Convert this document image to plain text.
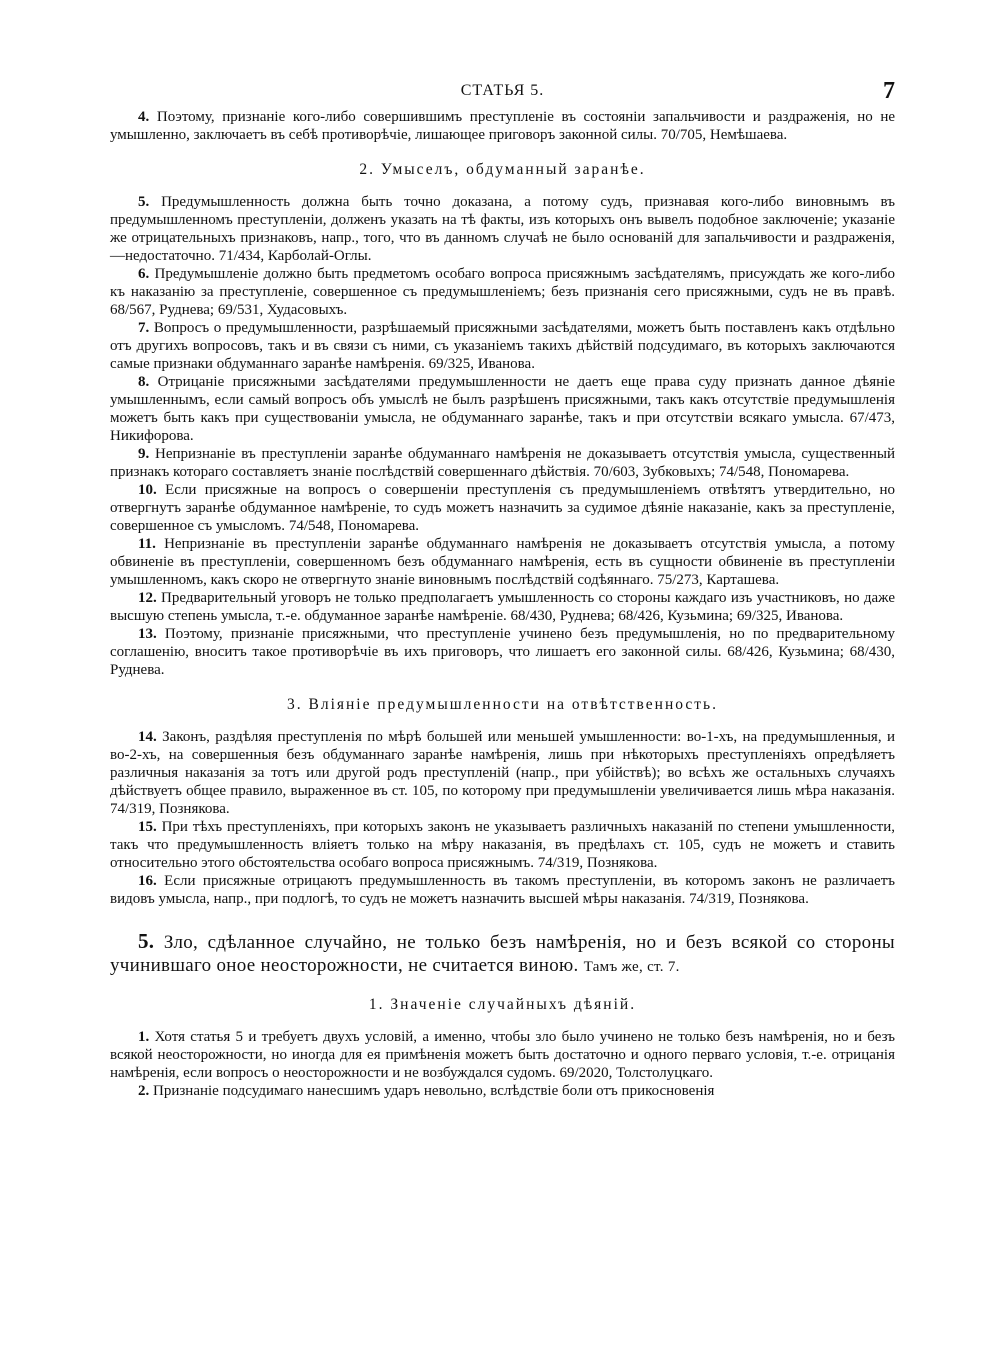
СТАТЬЯ 5.	7

4. Поэтому, признаніе кого-либо совершившимъ преступленіе въ состояніи запальчивости и раздраженія, но не умышленно, заключаетъ въ себѣ противорѣчіе, лишающее приговоръ законной силы. 70/705, Немѣшаева.

2. Умыселъ, обдуманный заранѣе.

5. Предумышленность должна быть точно доказана, а потому судъ, признавая кого-либо виновнымъ въ предумышленномъ преступленіи, долженъ указать на тѣ факты, изъ которыхъ онъ вывелъ подобное заключеніе; указаніе же отрицательныхъ признаковъ, напр., того, что въ данномъ случаѣ не было основаній для запальчивости и раздраженія,—недостаточно. 71/434, Карболай-Оглы.

6. Предумышленіе должно быть предметомъ особаго вопроса присяжнымъ засѣдателямъ, присуждать же кого-либо къ наказанію за преступленіе, совершенное съ предумышленіемъ; безъ признанія сего присяжными, судъ не въ правѣ. 68/567, Руднева; 69/531, Худасовыхъ.

7. Вопросъ о предумышленности, разрѣшаемый присяжными засѣдателями, можетъ быть поставленъ какъ отдѣльно отъ другихъ вопросовъ, такъ и въ связи съ ними, съ указаніемъ такихъ дѣйствій подсудимаго, въ которыхъ заключаются самые признаки обдуманнаго заранѣе намѣренія. 69/325, Иванова.

8. Отрицаніе присяжными засѣдателями предумышленности не даетъ еще права суду признать данное дѣяніе умышленнымъ, если самый вопросъ объ умыслѣ не былъ разрѣшенъ присяжными, такъ какъ отсутствіе предумышленія можетъ быть какъ при существованіи умысла, не обдуманнаго заранѣе, такъ и при отсутствіи всякаго умысла. 67/473, Никифорова.

9. Непризнаніе въ преступленіи заранѣе обдуманнаго намѣренія не доказываетъ отсутствія умысла, существенный признакъ котораго составляетъ знаніе послѣдствій совершеннаго дѣйствія. 70/603, Зубковыхъ; 74/548, Пономарева.

10. Если присяжные на вопросъ о совершеніи преступленія съ предумышленіемъ отвѣтятъ утвердительно, но отвергнутъ заранѣе обдуманное намѣреніе, то судъ можетъ назначить за судимое дѣяніе наказаніе, какъ за преступленіе, совершенное съ умысломъ. 74/548, Пономарева.

11. Непризнаніе въ преступленіи заранѣе обдуманнаго намѣренія не доказываетъ отсутствія умысла, а потому обвиненіе въ преступленіи, совершенномъ безъ обдуманнаго намѣренія, есть въ сущности обвиненіе въ преступленіи умышленномъ, какъ скоро не отвергнуто знаніе виновнымъ послѣдствій содѣяннаго. 75/273, Карташева.

12. Предварительный уговоръ не только предполагаетъ умышленность со стороны каждаго изъ участниковъ, но даже высшую степень умысла, т.-е. обдуманное заранѣе намѣреніе. 68/430, Руднева; 68/426, Кузьмина; 69/325, Иванова.

13. Поэтому, признаніе присяжными, что преступленіе учинено безъ предумышленія, но по предварительному соглашенію, вноситъ такое противорѣчіе въ ихъ приговоръ, что лишаетъ его законной силы. 68/426, Кузьмина; 68/430, Руднева.

3. Вліяніе предумышленности на отвѣтственность.

14. Законъ, раздѣляя преступленія по мѣрѣ большей или меньшей умышленности: во-1-хъ, на предумышленныя, и во-2-хъ, на совершенныя безъ обдуманнаго заранѣе намѣренія, лишь при нѣкоторыхъ преступленіяхъ опредѣляетъ различныя наказанія за тотъ или другой родъ преступленій (напр., при убійствѣ); во всѣхъ же остальныхъ случаяхъ дѣйствуетъ общее правило, выраженное въ ст. 105, по которому при предумышленіи увеличивается лишь мѣра наказанія. 74/319, Познякова.

15. При тѣхъ преступленіяхъ, при которыхъ законъ не указываетъ различныхъ наказаній по степени умышленности, такъ что предумышленность вліяетъ только на мѣру наказанія, въ предѣлахъ ст. 105, судъ не можетъ и ставить относительно этого обстоятельства особаго вопроса присяжнымъ. 74/319, Познякова.

16. Если присяжные отрицаютъ предумышленность въ такомъ преступленіи, въ которомъ законъ не различаетъ видовъ умысла, напр., при подлогѣ, то судъ не можетъ назначить высшей мѣры наказанія. 74/319, Познякова.

5. Зло, сдѣланное случайно, не только безъ намѣренія, но и безъ всякой со стороны учинившаго оное неосторожности, не считается виною. Тамъ же, ст. 7.

1. Значеніе случайныхъ дѣяній.

1. Хотя статья 5 и требуетъ двухъ условій, а именно, чтобы зло было учинено не только безъ намѣренія, но и безъ всякой неосторожности, но иногда для ея примѣненія можетъ быть достаточно и одного перваго условія, т.-е. отрицанія намѣренія, если вопросъ о неосторожности и не возбуждался судомъ. 69/2020, Толстолуцкаго.

2. Признаніе подсудимаго нанесшимъ ударъ невольно, вслѣдствіе боли отъ прикосновенія
